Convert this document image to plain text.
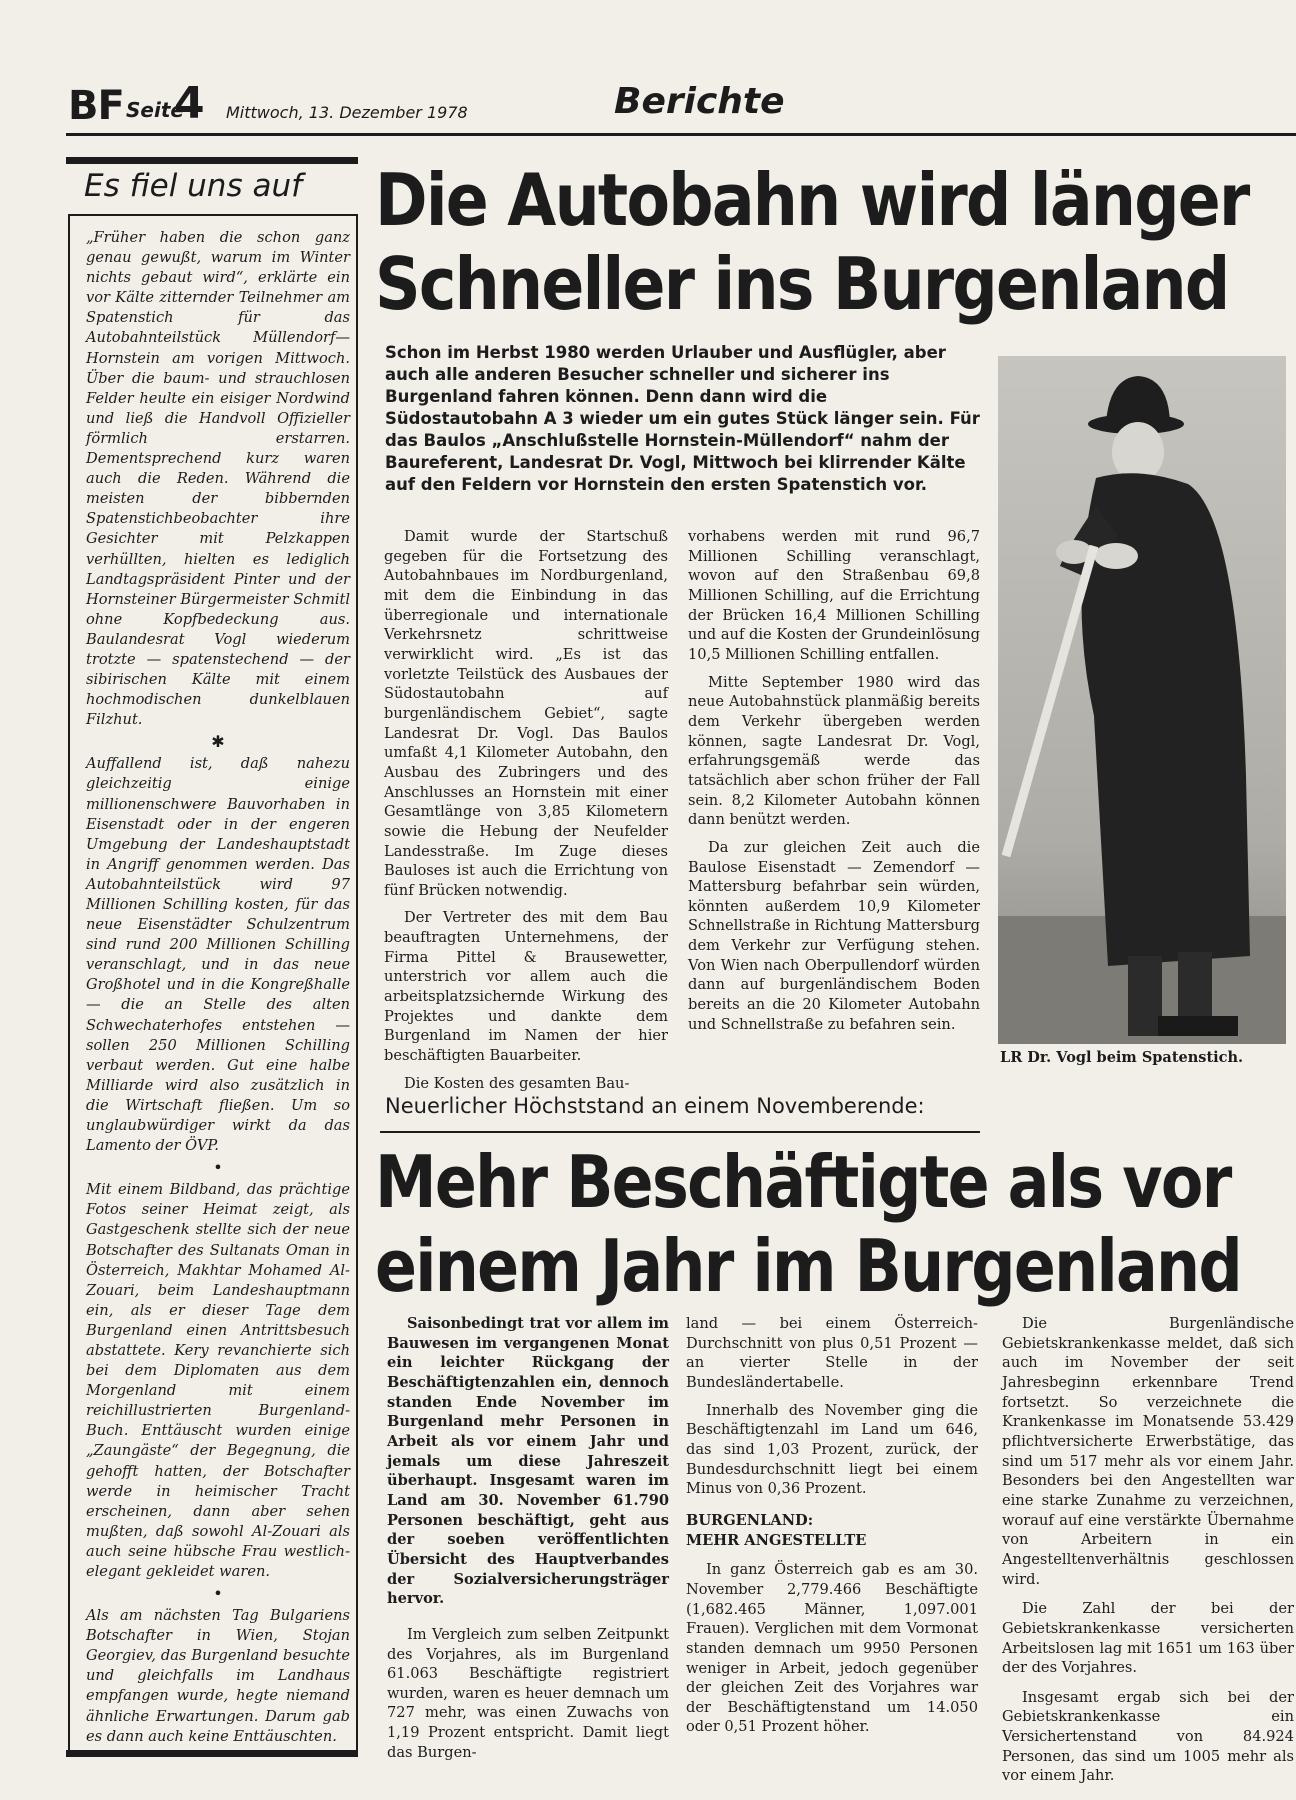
BF Seite
4 Mittwoch, 13. Dezember 1978	Berichte
Es fiel uns auf

„Früher haben die schon ganz genau gewußt, warum im Winter nichts gebaut wird“, erklärte ein vor Kälte zitternder Teilnehmer am Spatenstich für das Autobahnteilstück Müllendorf—Hornstein am vorigen Mittwoch. Über die baum- und strauchlosen Felder heulte ein eisiger Nordwind und ließ die Handvoll Offizieller förmlich erstarren. Dementsprechend kurz waren auch die Reden. Während die meisten der bibbernden Spatenstichbeobachter ihre Gesichter mit Pelzkappen verhüllten, hielten es lediglich Landtagspräsident Pinter und der Hornsteiner Bürgermeister Schmitl ohne Kopfbedeckung aus. Baulandesrat Vogl wiederum trotzte — spatenstechend — der sibirischen Kälte mit einem hochmodischen dunkelblauen Filzhut.

✱

Auffallend ist, daß nahezu gleichzeitig einige millionenschwere Bauvorhaben in Eisenstadt oder in der engeren Umgebung der Landeshauptstadt in Angriff genommen werden. Das Autobahnteilstück wird 97 Millionen Schilling kosten, für das neue Eisenstädter Schulzentrum sind rund 200 Millionen Schilling veranschlagt, und in das neue Großhotel und in die Kongreßhalle — die an Stelle des alten Schwechaterhofes entstehen — sollen 250 Millionen Schilling verbaut werden. Gut eine halbe Milliarde wird also zusätzlich in die Wirtschaft fließen. Um so unglaubwürdiger wirkt da das Lamento der ÖVP.

•

Mit einem Bildband, das prächtige Fotos seiner Heimat zeigt, als Gastgeschenk stellte sich der neue Botschafter des Sultanats Oman in Österreich, Makhtar Mohamed Al-Zouari, beim Landeshauptmann ein, als er dieser Tage dem Burgenland einen Antrittsbesuch abstattete. Kery revanchierte sich bei dem Diplomaten aus dem Morgenland mit einem reichillustrierten Burgenland-Buch. Enttäuscht wurden einige „Zaungäste“ der Begegnung, die gehofft hatten, der Botschafter werde in heimischer Tracht erscheinen, dann aber sehen mußten, daß sowohl Al-Zouari als auch seine hübsche Frau westlich-elegant gekleidet waren.

•

Als am nächsten Tag Bulgariens Botschafter in Wien, Stojan Georgiev, das Burgenland besuchte und gleichfalls im Landhaus empfangen wurde, hegte niemand ähnliche Erwartungen. Darum gab es dann auch keine Enttäuschten.

Die Autobahn wird länger
Schneller ins Burgenland
Schon im Herbst 1980 werden Urlauber und Ausflügler, aber auch alle anderen Besucher schneller und sicherer ins Burgenland fahren können. Denn dann wird die Südostautobahn A 3 wieder um ein gutes Stück länger sein. Für das Baulos „Anschlußstelle Hornstein-Müllendorf“ nahm der Baureferent, Landesrat Dr. Vogl, Mittwoch bei klirrender Kälte auf den Feldern vor Hornstein den ersten Spatenstich vor.

Damit wurde der Startschuß gegeben für die Fortsetzung des Autobahnbaues im Nordburgenland, mit dem die Einbindung in das überregionale und internationale Verkehrsnetz schrittweise verwirklicht wird. „Es ist das vorletzte Teilstück des Ausbaues der Südostautobahn auf burgenländischem Gebiet“, sagte Landesrat Dr. Vogl. Das Baulos umfaßt 4,1 Kilometer Autobahn, den Ausbau des Zubringers und des Anschlusses an Hornstein mit einer Gesamtlänge von 3,85 Kilometern sowie die Hebung der Neufelder Landesstraße. Im Zuge dieses Bauloses ist auch die Errichtung von fünf Brücken notwendig.

Der Vertreter des mit dem Bau beauftragten Unternehmens, der Firma Pittel & Brausewetter, unterstrich vor allem auch die arbeitsplatzsichernde Wirkung des Projektes und dankte dem Burgenland im Namen der hier beschäftigten Bauarbeiter.

Die Kosten des gesamten Bau-

vorhabens werden mit rund 96,7 Millionen Schilling veranschlagt, wovon auf den Straßenbau 69,8 Millionen Schilling, auf die Errichtung der Brücken 16,4 Millionen Schilling und auf die Kosten der Grundeinlösung 10,5 Millionen Schilling entfallen.

Mitte September 1980 wird das neue Autobahnstück planmäßig bereits dem Verkehr übergeben werden können, sagte Landesrat Dr. Vogl, erfahrungsgemäß werde das tatsächlich aber schon früher der Fall sein. 8,2 Kilometer Autobahn können dann benützt werden.

Da zur gleichen Zeit auch die Baulose Eisenstadt — Zemendorf — Mattersburg befahrbar sein würden, könnten außerdem 10,9 Kilometer Schnellstraße in Richtung Mattersburg dem Verkehr zur Verfügung stehen. Von Wien nach Oberpullendorf würden dann auf burgenländischem Boden bereits an die 20 Kilometer Autobahn und Schnellstraße zu befahren sein.

LR Dr. Vogl beim Spatenstich.
Neuerlicher Höchststand an einem Novemberende:
Mehr Beschäftigte als vor
einem Jahr im Burgenland

Saisonbedingt trat vor allem im Bauwesen im vergangenen Monat ein leichter Rückgang der Beschäftigtenzahlen ein, dennoch standen Ende November im Burgenland mehr Personen in Arbeit als vor einem Jahr und jemals um diese Jahreszeit überhaupt. Insgesamt waren im Land am 30. November 61.790 Personen beschäftigt, geht aus der soeben veröffentlichten Übersicht des Hauptverbandes der Sozialversicherungsträger hervor.

Im Vergleich zum selben Zeitpunkt des Vorjahres, als im Burgenland 61.063 Beschäftigte registriert wurden, waren es heuer demnach um 727 mehr, was einen Zuwachs von 1,19 Prozent entspricht. Damit liegt das Burgen-

land — bei einem Österreich-Durchschnitt von plus 0,51 Prozent — an vierter Stelle in der Bundesländertabelle.

Innerhalb des November ging die Beschäftigtenzahl im Land um 646, das sind 1,03 Prozent, zurück, der Bundesdurchschnitt liegt bei einem Minus von 0,36 Prozent.

BURGENLAND:

MEHR ANGESTELLTE

In ganz Österreich gab es am 30. November 2,779.466 Beschäftigte (1,682.465 Männer, 1,097.001 Frauen). Verglichen mit dem Vormonat standen demnach um 9950 Personen weniger in Arbeit, jedoch gegenüber der gleichen Zeit des Vorjahres war der Beschäftigtenstand um 14.050 oder 0,51 Prozent höher.

Die Burgenländische Gebietskrankenkasse meldet, daß sich auch im November der seit Jahresbeginn erkennbare Trend fortsetzt. So verzeichnete die Krankenkasse im Monatsende 53.429 pflichtversicherte Erwerbstätige, das sind um 517 mehr als vor einem Jahr. Besonders bei den Angestellten war eine starke Zunahme zu verzeichnen, worauf auf eine verstärkte Übernahme von Arbeitern in ein Angestelltenverhältnis geschlossen wird.

Die Zahl der bei der Gebietskrankenkasse versicherten Arbeitslosen lag mit 1651 um 163 über der des Vorjahres.

Insgesamt ergab sich bei der Gebietskrankenkasse ein Versichertenstand von 84.924 Personen, das sind um 1005 mehr als vor einem Jahr.
